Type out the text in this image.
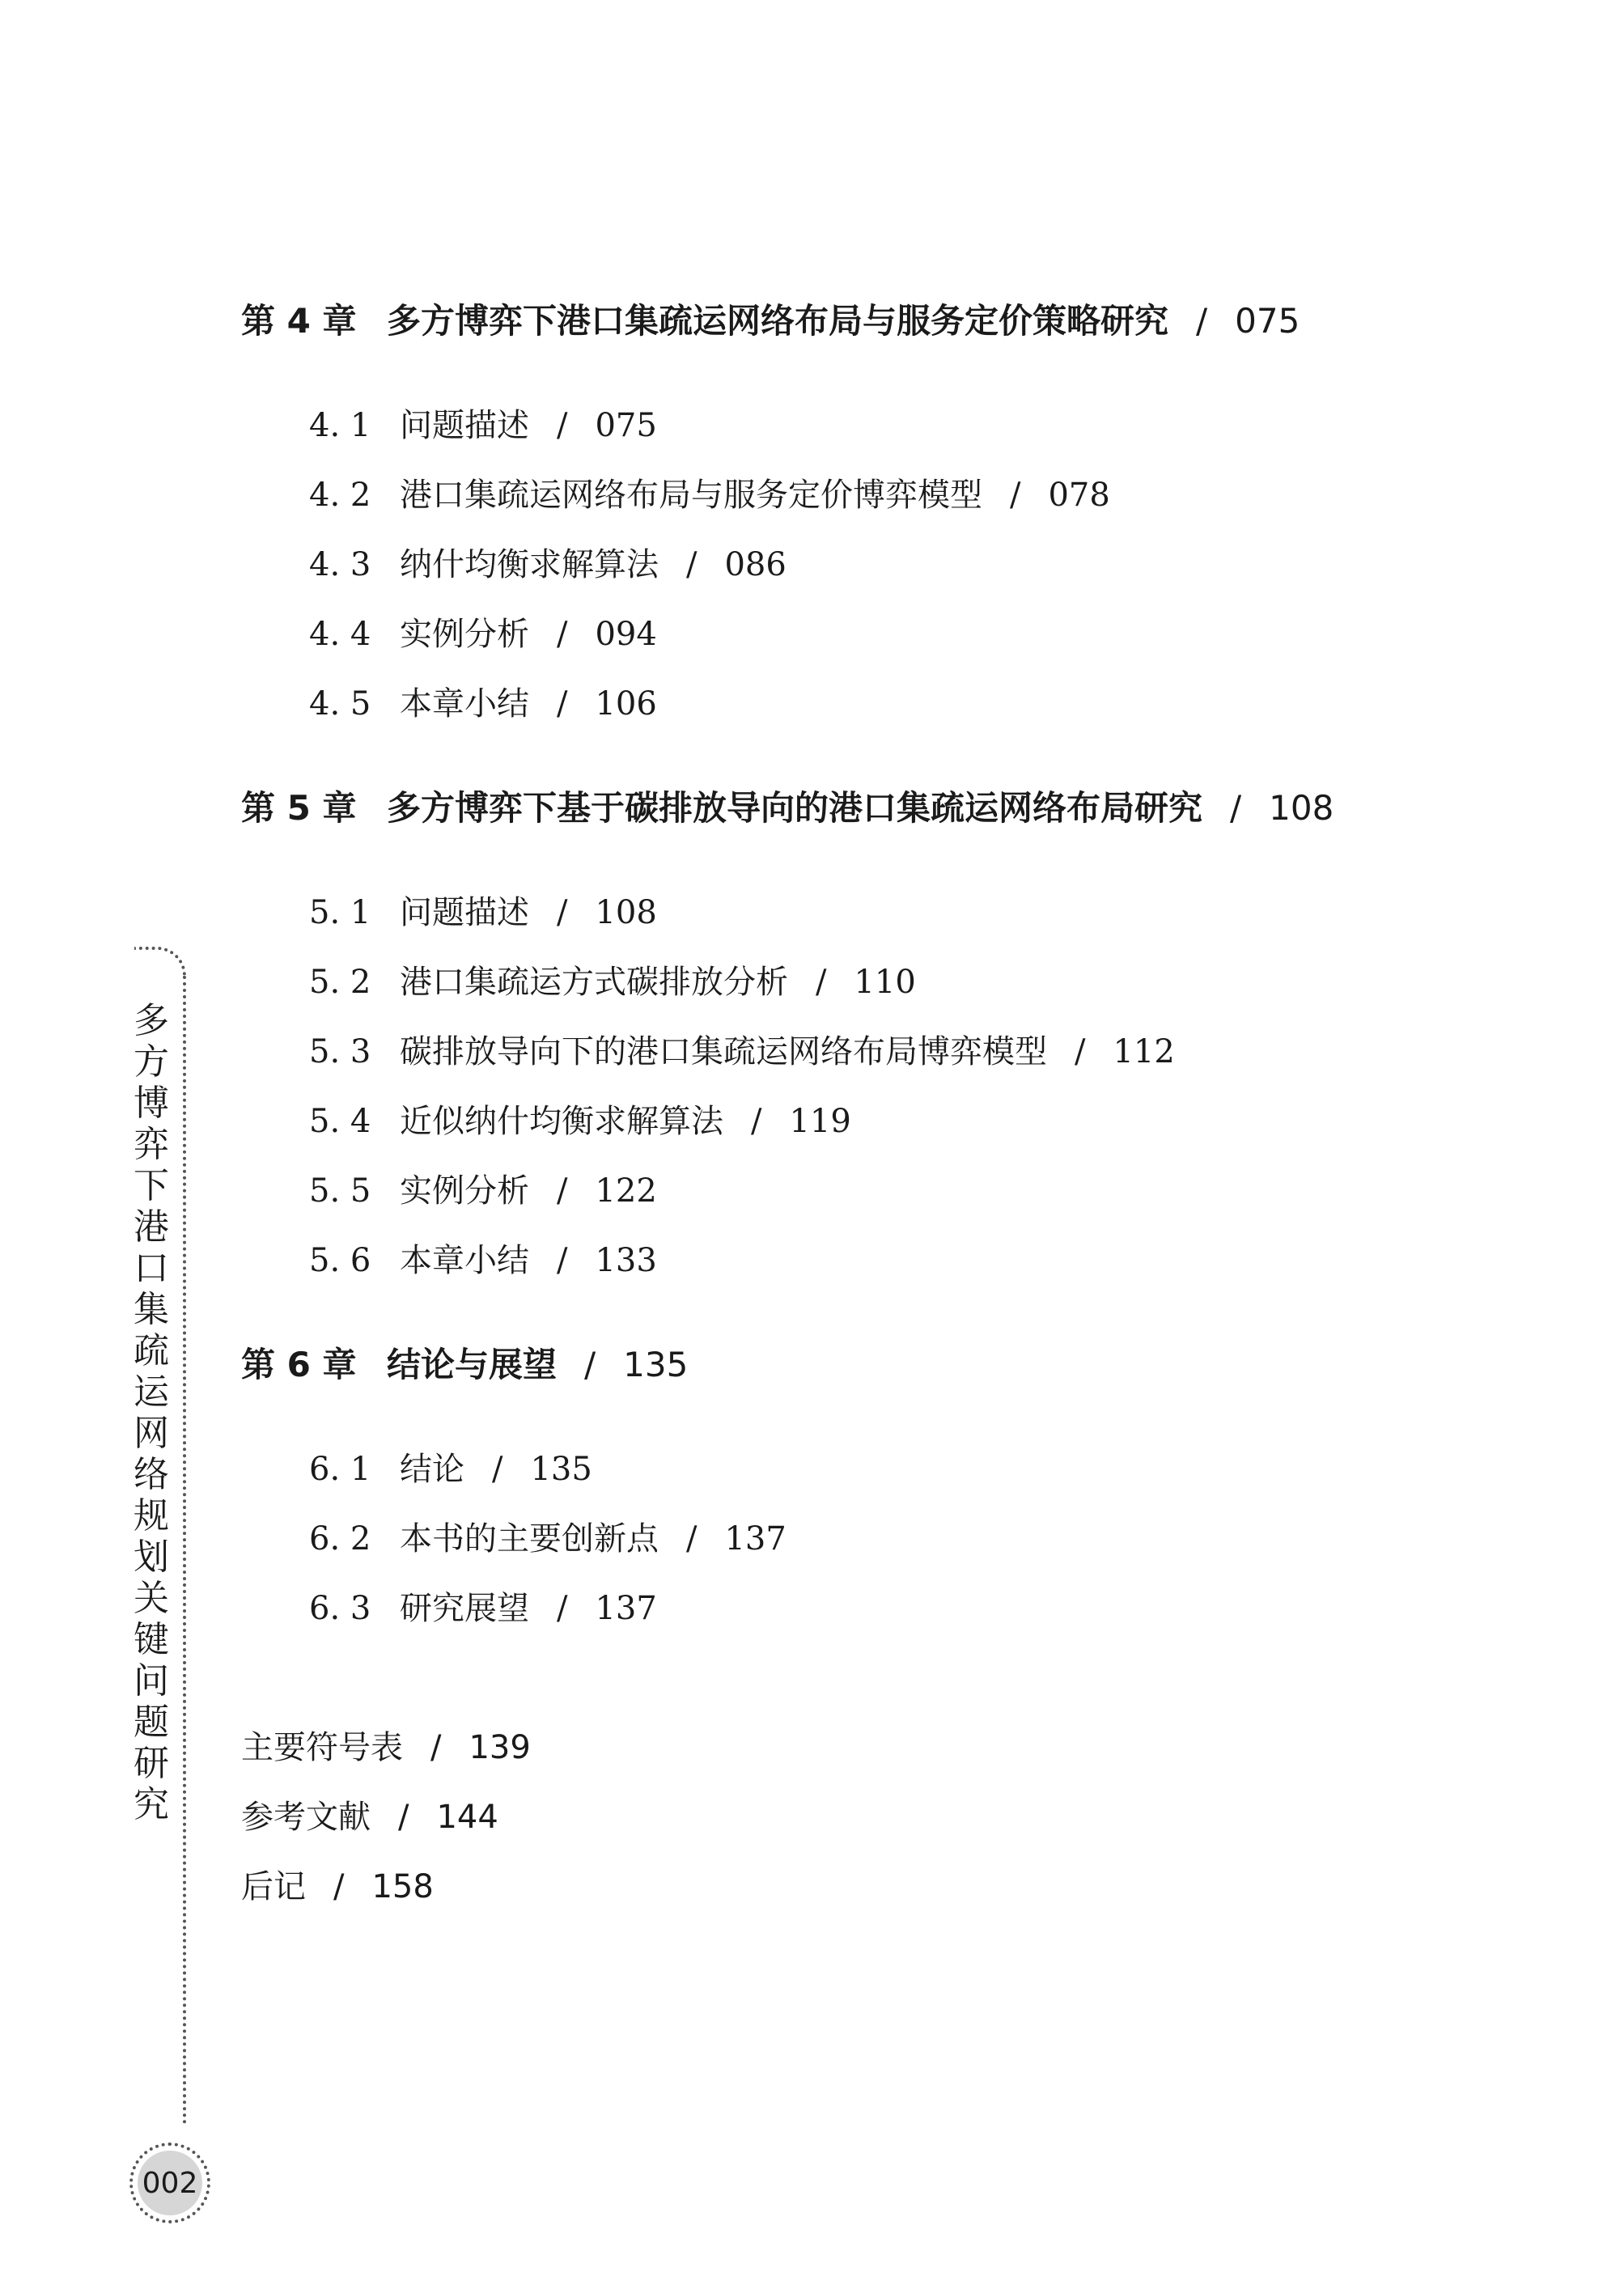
第 4 章 多方博弈下港口集疏运网络布局与服务定价策略研究 / 075
4. 1 问题描述 / 075
4. 2 港口集疏运网络布局与服务定价博弈模型 / 078
4. 3 纳什均衡求解算法 / 086
4. 4 实例分析 / 094
4. 5 本章小结 / 106
第 5 章 多方博弈下基于碳排放导向的港口集疏运网络布局研究 / 108
5. 1 问题描述 / 108
5. 2 港口集疏运方式碳排放分析 / 110
5. 3 碳排放导向下的港口集疏运网络布局博弈模型 / 112
5. 4 近似纳什均衡求解算法 / 119
5. 5 实例分析 / 122
5. 6 本章小结 / 133
第 6 章 结论与展望 / 135
6. 1 结论 / 135
6. 2 本书的主要创新点 / 137
6. 3 研究展望 / 137
主要符号表 / 139
参考文献 / 144
后记 / 158
多方博弈下港口集疏运网络规划关键问题研究
002
